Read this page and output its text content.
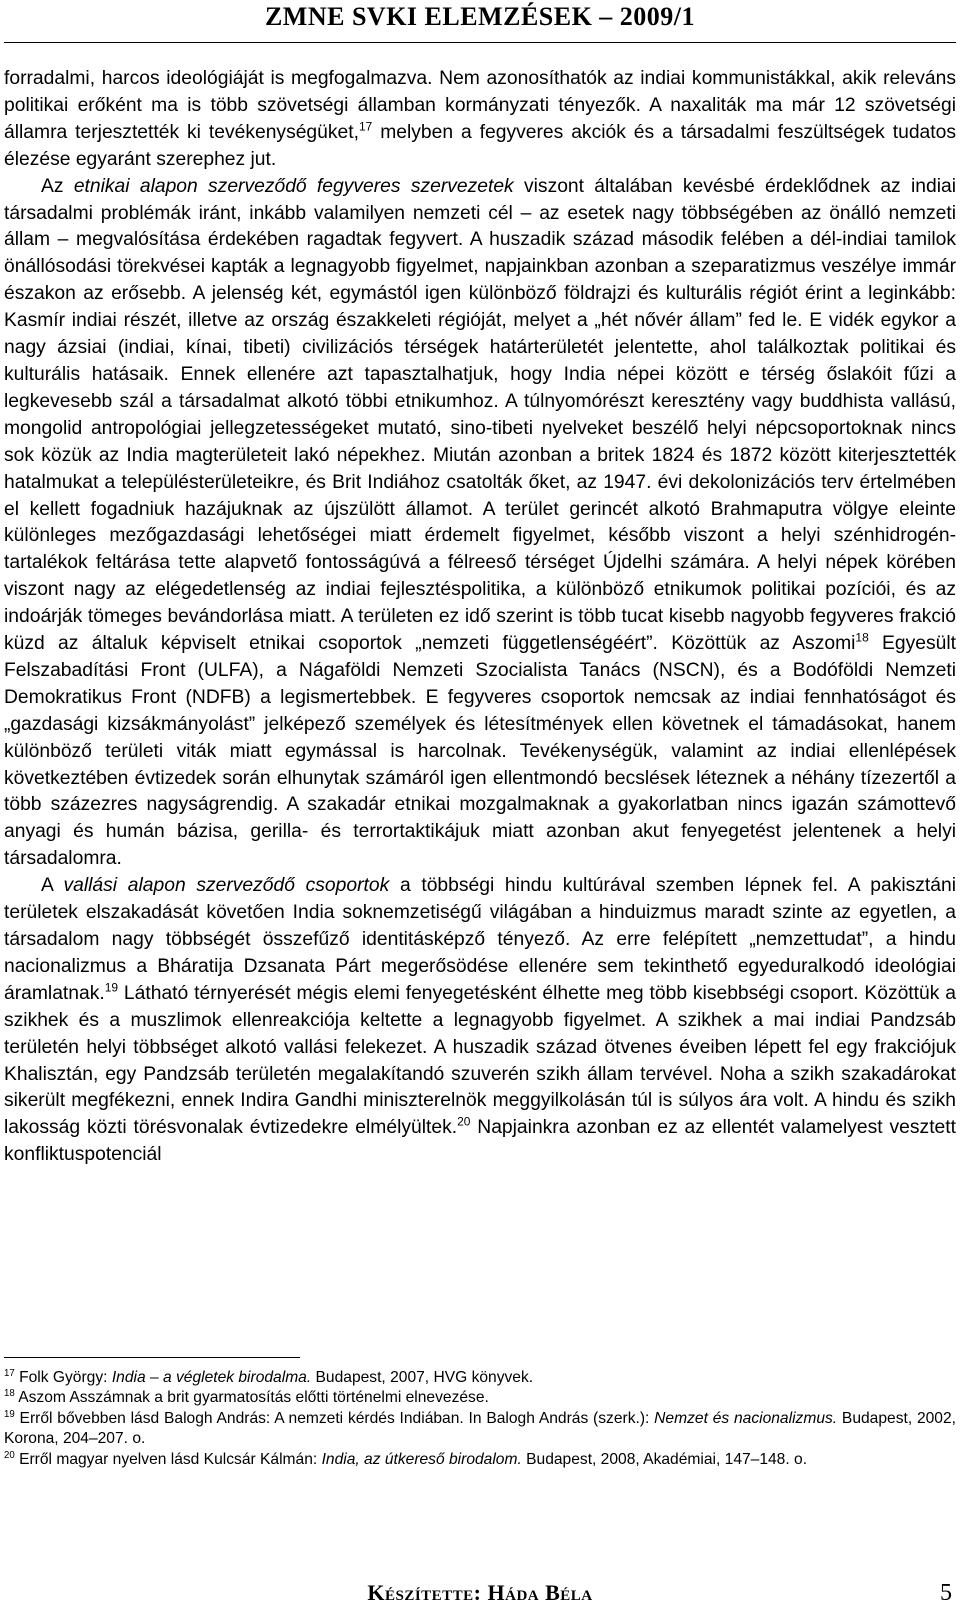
ZMNE SVKI ELEMZÉSEK – 2009/1

forradalmi, harcos ideológiáját is megfogalmazva. Nem azonosíthatók az indiai kommunistákkal, akik releváns politikai erőként ma is több szövetségi államban kormányzati tényezők. A naxaliták ma már 12 szövetségi államra terjesztették ki tevékenységüket,$^{17}$ melyben a fegyveres akciók és a társadalmi feszültségek tudatos élezése egyaránt szerephez jut.

Az etnikai alapon szerveződő fegyveres szervezetek viszont általában kevésbé érdeklődnek az indiai társadalmi problémák iránt, inkább valamilyen nemzeti cél – az esetek nagy többségében az önálló nemzeti állam – megvalósítása érdekében ragadtak fegyvert. A huszadik század második felében a dél-indiai tamilok önállósodási törekvései kapták a legnagyobb figyelmet, napjainkban azonban a szeparatizmus veszélye immár északon az erősebb. A jelenség két, egymástól igen különböző földrajzi és kulturális régiót érint a leginkább: Kasmír indiai részét, illetve az ország északkeleti régióját, melyet a „hét nővér állam” fed le. E vidék egykor a nagy ázsiai (indiai, kínai, tibeti) civilizációs térségek határterületét jelentette, ahol találkoztak politikai és kulturális hatásaik. Ennek ellenére azt tapasztalhatjuk, hogy India népei között e térség őslakóit fűzi a legkevesebb szál a társadalmat alkotó többi etnikumhoz. A túlnyomórészt keresztény vagy buddhista vallású, mongolid antropológiai jellegzetességeket mutató, sino-tibeti nyelveket beszélő helyi népcsoportoknak nincs sok közük az India magterületeit lakó népekhez. Miután azonban a britek 1824 és 1872 között kiterjesztették hatalmukat a településterületeikre, és Brit Indiához csatolták őket, az 1947. évi dekolonizációs terv értelmében el kellett fogadniuk hazájuknak az újszülött államot. A terület gerincét alkotó Brahmaputra völgye eleinte különleges mezőgazdasági lehetőségei miatt érdemelt figyelmet, később viszont a helyi szénhidrogén-tartalékok feltárása tette alapvető fontosságúvá a félreeső térséget Újdelhi számára. A helyi népek körében viszont nagy az elégedetlenség az indiai fejlesztéspolitika, a különböző etnikumok politikai pozíciói, és az indoárják tömeges bevándorlása miatt. A területen ez idő szerint is több tucat kisebb nagyobb fegyveres frakció küzd az általuk képviselt etnikai csoportok „nemzeti függetlenségéért”. Közöttük az Aszomi$^{18}$ Egyesült Felszabadítási Front (ULFA), a Nágaföldi Nemzeti Szocialista Tanács (NSCN), és a Bodóföldi Nemzeti Demokratikus Front (NDFB) a legismertebbek. E fegyveres csoportok nemcsak az indiai fennhatóságot és „gazdasági kizsákmányolást” jelképező személyek és létesítmények ellen követnek el támadásokat, hanem különböző területi viták miatt egymással is harcolnak. Tevékenységük, valamint az indiai ellenlépések következtében évtizedek során elhunytak számáról igen ellentmondó becslések léteznek a néhány tízezertől a több százezres nagyságrendig. A szakadár etnikai mozgalmaknak a gyakorlatban nincs igazán számottevő anyagi és humán bázisa, gerilla- és terrortaktikájuk miatt azonban akut fenyegetést jelentenek a helyi társadalomra.

A vallási alapon szerveződő csoportok a többségi hindu kultúrával szemben lépnek fel. A pakisztáni területek elszakadását követően India soknemzetiségű világában a hinduizmus maradt szinte az egyetlen, a társadalom nagy többségét összefűző identitásképző tényező. Az erre felépített „nemzettudat”, a hindu nacionalizmus a Bháratija Dzsanata Párt megerősödése ellenére sem tekinthető egyeduralkodó ideológiai áramlatnak.$^{19}$ Látható térnyerését mégis elemi fenyegetésként élhette meg több kisebbségi csoport. Közöttük a szikhek és a muszlimok ellenreakciója keltette a legnagyobb figyelmet. A szikhek a mai indiai Pandzsáb területén helyi többséget alkotó vallási felekezet. A huszadik század ötvenes éveiben lépett fel egy frakciójuk Khalisztán, egy Pandzsáb területén megalakítandó szuverén szikh állam tervével. Noha a szikh szakadárokat sikerült megfékezni, ennek Indira Gandhi miniszterelnök meggyilkolásán túl is súlyos ára volt. A hindu és szikh lakosság közti törésvonalak évtizedekre elmélyültek.$^{20}$ Napjainkra azonban ez az ellentét valamelyest vesztett konfliktuspotenciál

$^{17}$ Folk György: India – a végletek birodalma. Budapest, 2007, HVG könyvek.

$^{18}$ Aszom Asszámnak a brit gyarmatosítás előtti történelmi elnevezése.

$^{19}$ Erről bővebben lásd Balogh András: A nemzeti kérdés Indiában. In Balogh András (szerk.): Nemzet és nacionalizmus. Budapest, 2002, Korona, 204–207. o.

$^{20}$ Erről magyar nyelven lásd Kulcsár Kálmán: India, az útkereső birodalom. Budapest, 2008, Akadémiai, 147–148. o.

Készítette: Háda Béla	5
